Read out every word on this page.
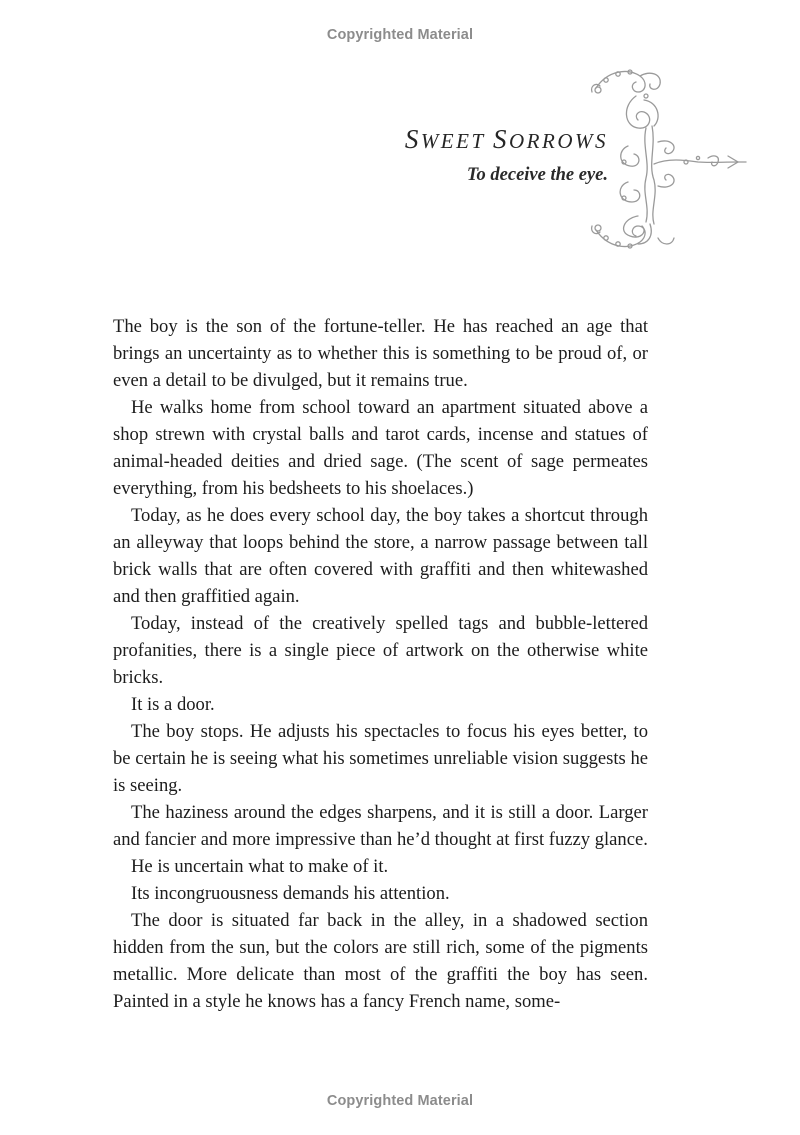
Copyrighted Material
SWEET SORROWS
To deceive the eye.

The boy is the son of the fortune-teller. He has reached an age that brings an uncertainty as to whether this is something to be proud of, or even a detail to be divulged, but it remains true.

He walks home from school toward an apartment situated above a shop strewn with crystal balls and tarot cards, incense and statues of animal-headed deities and dried sage. (The scent of sage permeates everything, from his bedsheets to his shoelaces.)

Today, as he does every school day, the boy takes a shortcut through an alleyway that loops behind the store, a narrow passage between tall brick walls that are often covered with graffiti and then whitewashed and then graffitied again.

Today, instead of the creatively spelled tags and bubble-lettered profanities, there is a single piece of artwork on the otherwise white bricks.

It is a door.

The boy stops. He adjusts his spectacles to focus his eyes better, to be certain he is seeing what his sometimes unreliable vision suggests he is seeing.

The haziness around the edges sharpens, and it is still a door. Larger and fancier and more impressive than he’d thought at first fuzzy glance.

He is uncertain what to make of it.

Its incongruousness demands his attention.

The door is situated far back in the alley, in a shadowed section hidden from the sun, but the colors are still rich, some of the pigments metallic. More delicate than most of the graffiti the boy has seen. Painted in a style he knows has a fancy French name, some-

Copyrighted Material
